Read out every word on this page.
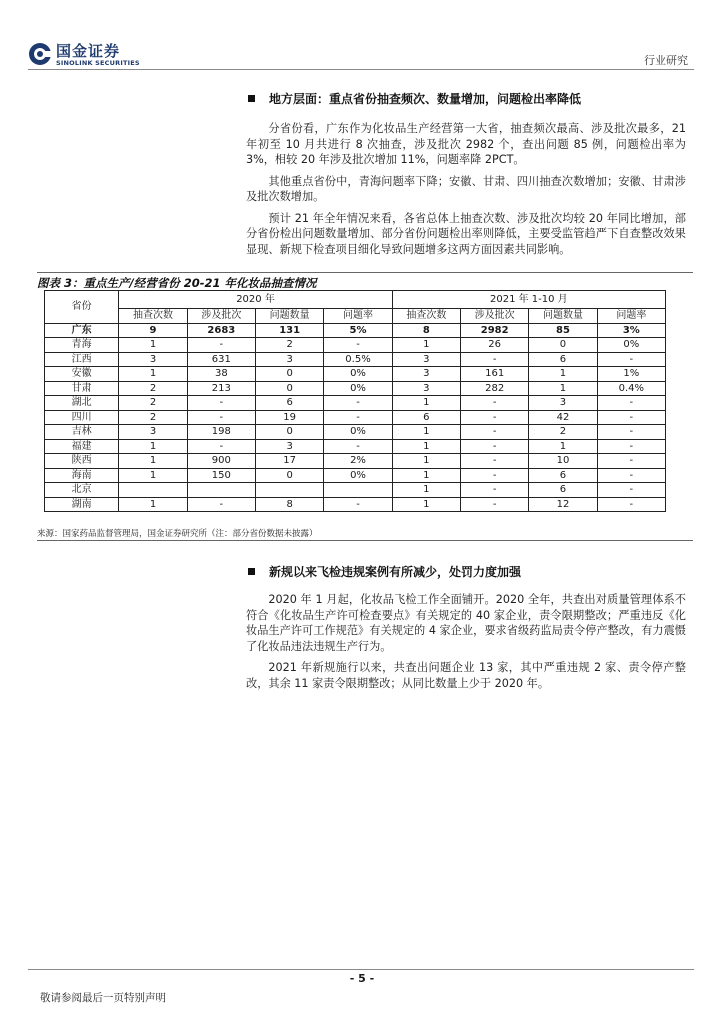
国金证券
SINOLINK SECURITIES	行业研究
地方层面：重点省份抽查频次、数量增加，问题检出率降低

分省份看，广东作为化妆品生产经营第一大省，抽查频次最高、涉及批次最多，21 年初至 10 月共进行 8 次抽查，涉及批次 2982 个，查出问题 85 例，问题检出率为 3%，相较 20 年涉及批次增加 11%，问题率降 2PCT。

其他重点省份中，青海问题率下降；安徽、甘肃、四川抽查次数增加；安徽、甘肃涉及批次数增加。

预计 21 年全年情况来看，各省总体上抽查次数、涉及批次均较 20 年同比增加，部分省份检出问题数量增加、部分省份问题检出率则降低，主要受监管趋严下自查整改效果显现、新规下检查项目细化导致问题增多这两方面因素共同影响。

图表 3：重点生产/经营省份 20-21 年化妆品抽查情况
省份	2020 年				2021 年 1-10 月			
	抽查次数	涉及批次	问题数量	问题率	抽查次数	涉及批次	问题数量	问题率
广东	9	2683	131	5%	8	2982	85	3%
青海	1	-	2	-	1	26	0	0%
江西	3	631	3	0.5%	3	-	6	-
安徽	1	38	0	0%	3	161	1	1%
甘肃	2	213	0	0%	3	282	1	0.4%
湖北	2	-	6	-	1	-	3	-
四川	2	-	19	-	6	-	42	-
吉林	3	198	0	0%	1	-	2	-
福建	1	-	3	-	1	-	1	-
陕西	1	900	17	2%	1	-	10	-
海南	1	150	0	0%	1	-	6	-
北京					1	-	6	-
湖南	1	-	8	-	1	-	12	-
来源：国家药品监督管理局，国金证券研究所（注：部分省份数据未披露）
新规以来飞检违规案例有所减少，处罚力度加强

2020 年 1 月起，化妆品飞检工作全面铺开。2020 全年，共查出对质量管理体系不符合《化妆品生产许可检查要点》有关规定的 40 家企业，责令限期整改；严重违反《化妆品生产许可工作规范》有关规定的 4 家企业，要求省级药监局责令停产整改，有力震慑了化妆品违法违规生产行为。

2021 年新规施行以来，共查出问题企业 13 家，其中严重违规 2 家、责令停产整改，其余 11 家责令限期整改；从同比数量上少于 2020 年。

- 5 -
敬请参阅最后一页特别声明
